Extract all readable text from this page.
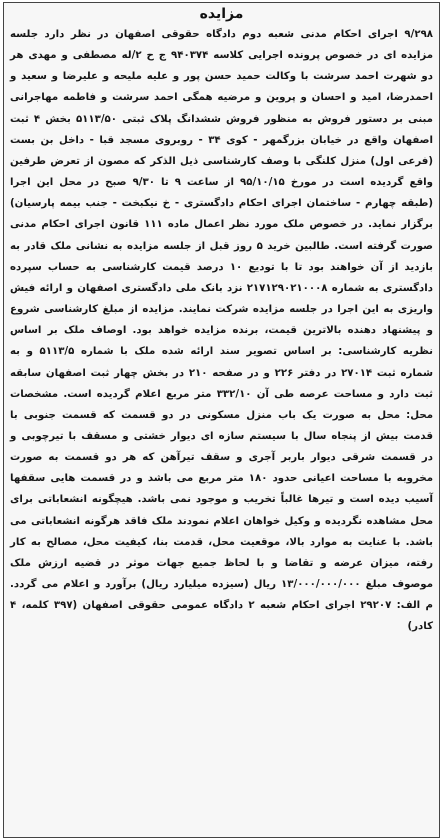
مزایده

۹/۲۹۸ اجرای احکام مدنی شعبه دوم دادگاه حقوقی اصفهان در نظر دارد جلسه مزایده ای در خصوص پرونده اجرایی کلاسه ۹۴۰۳۷۴ ج ح ۲/له مصطفی و مهدی هر دو شهرت احمد سرشت با وکالت حمید حسن پور و علیه ملیحه و علیرضا و سعید و احمدرضا، امید و احسان و پروین و مرضیه همگی احمد سرشت و فاطمه مهاجرانی مبنی بر دستور فروش به منظور فروش ششدانگ پلاک ثبتی ۵۱۱۳/۵۰ بخش ۴ ثبت اصفهان واقع در خیابان بزرگمهر - کوی ۳۴ - روبروی مسجد قبا - داخل بن بست (فرعی اول) منزل کلنگی با وصف کارشناسی ذیل الذکر که مصون از تعرض طرفین واقع گردیده است در مورخ ۹۵/۱۰/۱۵ از ساعت ۹ تا ۹/۳۰ صبح در محل این اجرا (طبقه چهارم - ساختمان اجرای احکام دادگستری - خ نیکبخت - جنب بیمه پارسیان) برگزار نماید. در خصوص ملک مورد نظر اعمال ماده ۱۱۱ قانون اجرای احکام مدنی صورت گرفته است. طالبین خرید ۵ روز قبل از جلسه مزایده به نشانی ملک قادر به بازدید از آن خواهند بود تا با توديع ۱۰ درصد قیمت کارشناسی به حساب سپرده دادگستری به شماره ۲۱۷۱۲۹۰۲۱۰۰۰۸ نزد بانک ملی دادگستری اصفهان و ارائه فیش واریزی به این اجرا در جلسه مزایده شرکت نمایند. مزایده از مبلغ کارشناسی شروع و پیشنهاد دهنده بالاترین قیمت، برنده مزایده خواهد بود. اوصاف ملک بر اساس نظریه کارشناسی: بر اساس تصویر سند ارائه شده ملک با شماره ۵۱۱۳/۵ و به شماره ثبت ۲۷۰۱۴ در دفتر ۲۲۶ و در صفحه ۲۱۰ در بخش چهار ثبت اصفهان سابقه ثبت دارد و مساحت عرصه طی آن ۳۳۲/۱۰ متر مربع اعلام گردیده است. مشخصات محل: محل به صورت یک باب منزل مسکونی در دو قسمت که قسمت جنوبی با قدمت بیش از پنجاه سال با سیستم سازه ای دیوار خشتی و مسقف با تیرچوبی و در قسمت شرقی دیوار باربر آجری و سقف تیرآهن که هر دو قسمت به صورت مخروبه با مساحت اعیانی حدود ۱۸۰ متر مربع می باشد و در قسمت هایی سقفها آسیب دیده است و تیرها غالباً تخریب و موجود نمی باشد. هیچگونه انشعاباتی برای محل مشاهده نگردیده و وکیل خواهان اعلام نمودند ملک فاقد هرگونه انشعاباتی می باشد. با عنایت به موارد بالا، موقعیت محل، قدمت بنا، کیفیت محل، مصالح به کار رفته، میزان عرضه و تقاضا و با لحاظ جمیع جهات موثر در قضیه ارزش ملک موصوف مبلغ ۱۳/۰۰۰/۰۰۰/۰۰۰ ریال (سیزده میلیارد ریال) برآورد و اعلام می گردد. م الف: ۲۹۲۰۷ اجرای احکام شعبه ۲ دادگاه عمومی حقوقی اصفهان (۳۹۷ کلمه، ۴ کادر)
